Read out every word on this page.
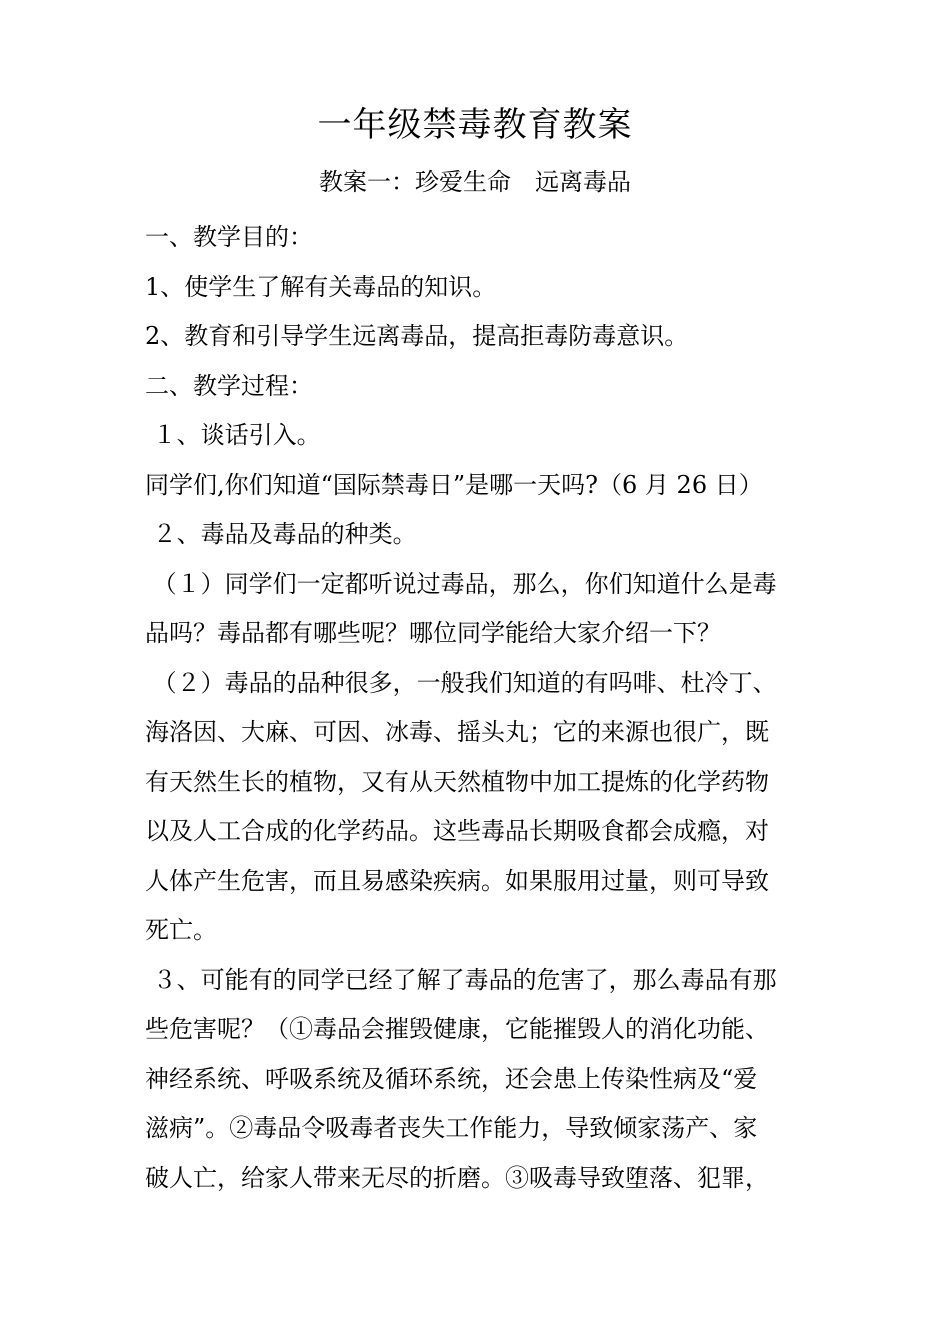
一年级禁毒教育教案
教案一：珍爱生命　远离毒品
一、教学目的：
1、使学生了解有关毒品的知识。
2、教育和引导学生远离毒品，提高拒毒防毒意识。
二、教学过程：
１、谈话引入。
同学们,你们知道“国际禁毒日”是哪一天吗?（6 月 26 日）
２、毒品及毒品的种类。
（１）同学们一定都听说过毒品，那么，你们知道什么是毒
品吗？毒品都有哪些呢？哪位同学能给大家介绍一下？
（２）毒品的品种很多，一般我们知道的有吗啡、杜冷丁、
海洛因、大麻、可因、冰毒、摇头丸；它的来源也很广，既
有天然生长的植物，又有从天然植物中加工提炼的化学药物
以及人工合成的化学药品。这些毒品长期吸食都会成瘾，对
人体产生危害，而且易感染疾病。如果服用过量，则可导致
死亡。
３、可能有的同学已经了解了毒品的危害了，那么毒品有那
些危害呢？（①毒品会摧毁健康，它能摧毁人的消化功能、
神经系统、呼吸系统及循环系统，还会患上传染性病及“爱
滋病”。②毒品令吸毒者丧失工作能力，导致倾家荡产、家
破人亡，给家人带来无尽的折磨。③吸毒导致堕落、犯罪，
